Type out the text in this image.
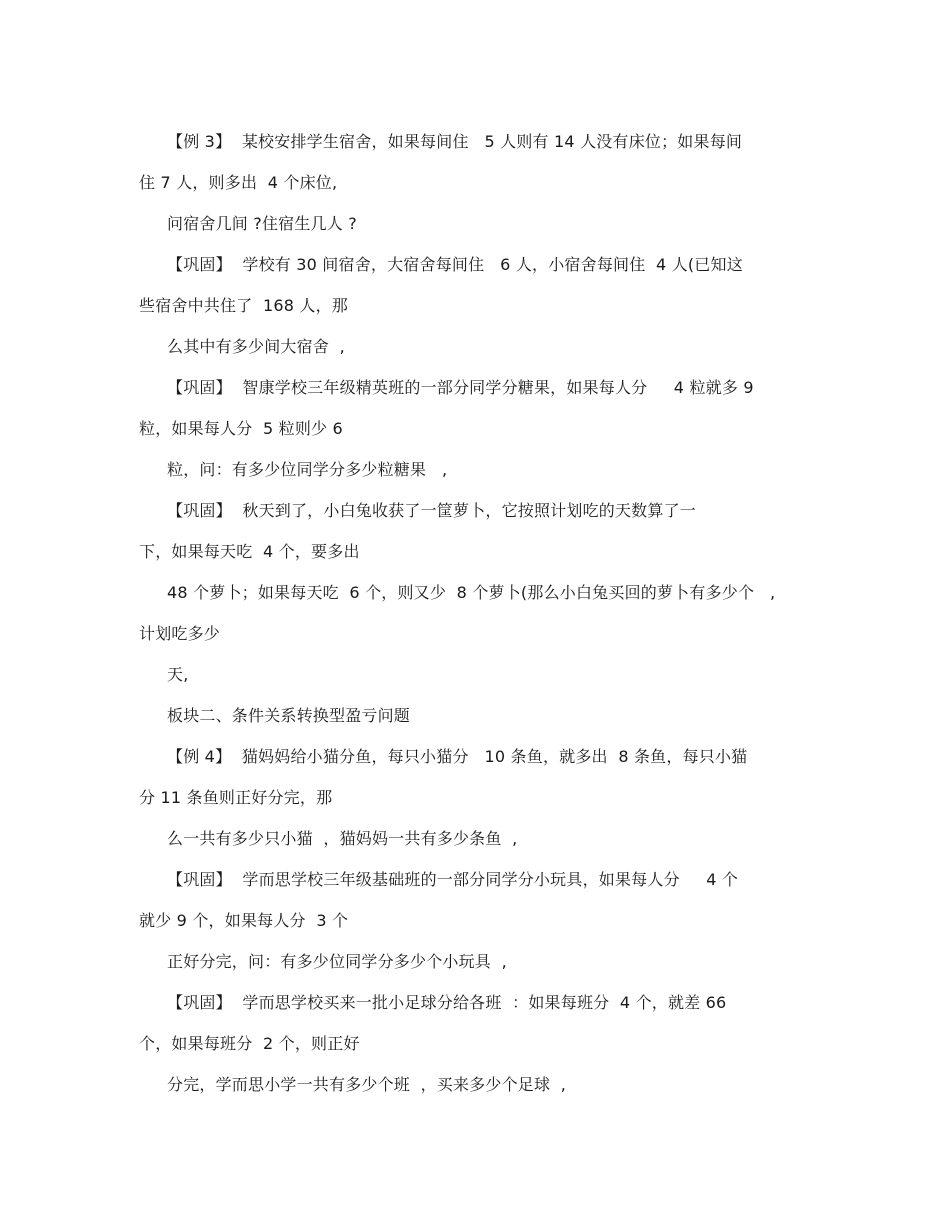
【例 3】  某校安排学生宿舍，如果每间住   5 人则有 14 人没有床位；如果每间
住 7 人，则多出  4 个床位,
问宿舍几间 ?住宿生几人 ?
【巩固】  学校有 30 间宿舍，大宿舍每间住   6 人，小宿舍每间住  4 人(已知这
些宿舍中共住了  168 人，那
么其中有多少间大宿舍  ,
【巩固】  智康学校三年级精英班的一部分同学分糖果，如果每人分     4 粒就多 9
粒，如果每人分  5 粒则少 6
粒，问：有多少位同学分多少粒糖果   ,
【巩固】  秋天到了，小白兔收获了一筐萝卜，它按照计划吃的天数算了一
下，如果每天吃  4 个，要多出
48 个萝卜；如果每天吃  6 个，则又少  8 个萝卜(那么小白兔买回的萝卜有多少个   ,
计划吃多少
天,
板块二、条件关系转换型盈亏问题
【例 4】  猫妈妈给小猫分鱼，每只小猫分   10 条鱼，就多出  8 条鱼，每只小猫
分 11 条鱼则正好分完，那
么一共有多少只小猫  ，猫妈妈一共有多少条鱼  ,
【巩固】  学而思学校三年级基础班的一部分同学分小玩具，如果每人分     4 个
就少 9 个，如果每人分  3 个
正好分完，问：有多少位同学分多少个小玩具  ,
【巩固】  学而思学校买来一批小足球分给各班  ：如果每班分  4 个，就差 66
个，如果每班分  2 个，则正好
分完，学而思小学一共有多少个班  ，买来多少个足球  ,
